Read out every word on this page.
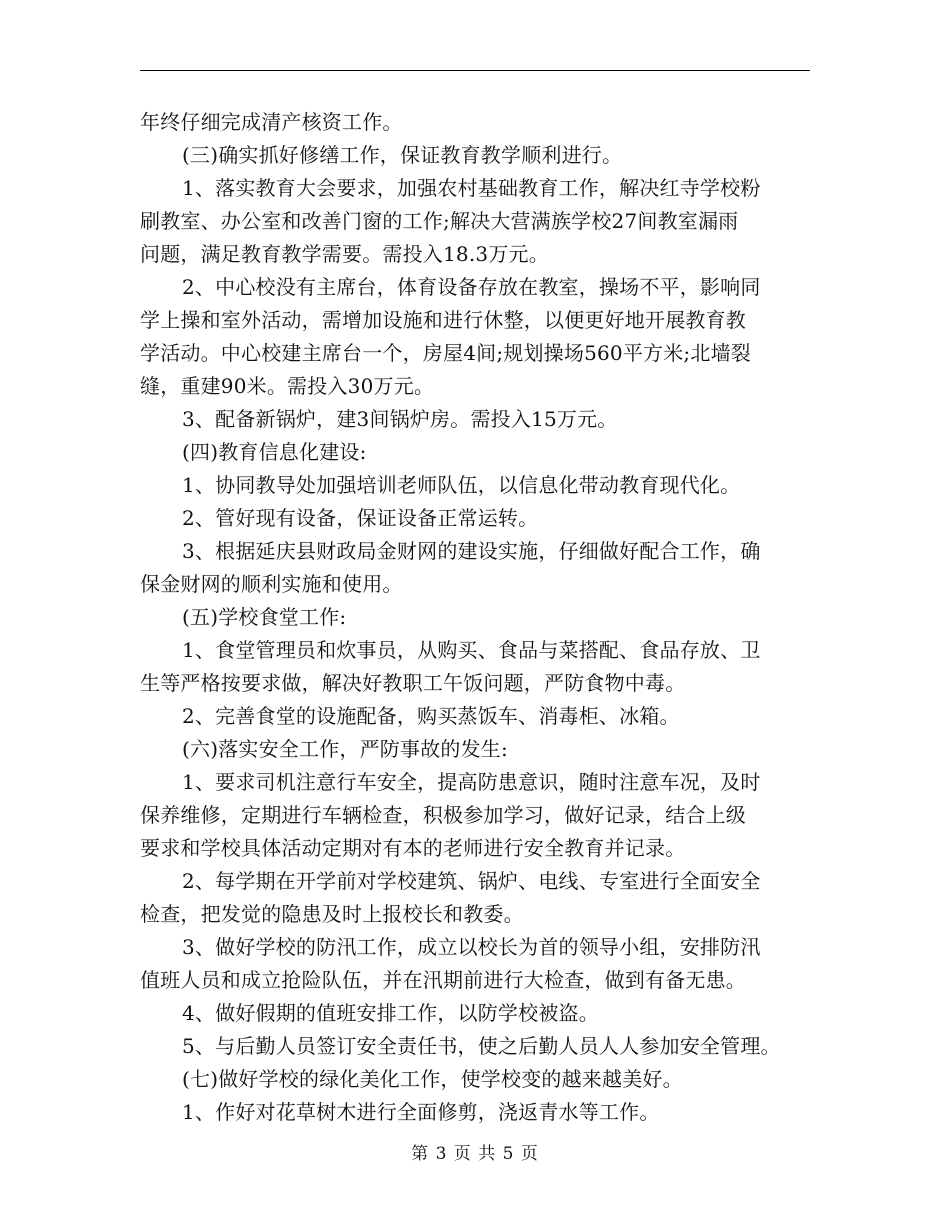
年终仔细完成清产核资工作。
(三)确实抓好修缮工作，保证教育教学顺利进行。
1、落实教育大会要求，加强农村基础教育工作，解决红寺学校粉
刷教室、办公室和改善门窗的工作;解决大营满族学校27间教室漏雨
问题，满足教育教学需要。需投入18.3万元。
2、中心校没有主席台，体育设备存放在教室，操场不平，影响同
学上操和室外活动，需增加设施和进行休整，以便更好地开展教育教
学活动。中心校建主席台一个，房屋4间;规划操场560平方米;北墙裂
缝，重建90米。需投入30万元。
3、配备新锅炉，建3间锅炉房。需投入15万元。
(四)教育信息化建设:
1、协同教导处加强培训老师队伍，以信息化带动教育现代化。
2、管好现有设备，保证设备正常运转。
3、根据延庆县财政局金财网的建设实施，仔细做好配合工作，确
保金财网的顺利实施和使用。
(五)学校食堂工作:
1、食堂管理员和炊事员，从购买、食品与菜搭配、食品存放、卫
生等严格按要求做，解决好教职工午饭问题，严防食物中毒。
2、完善食堂的设施配备，购买蒸饭车、消毒柜、冰箱。
(六)落实安全工作，严防事故的发生:
1、要求司机注意行车安全，提高防患意识，随时注意车况，及时
保养维修，定期进行车辆检查，积极参加学习，做好记录，结合上级
要求和学校具体活动定期对有本的老师进行安全教育并记录。
2、每学期在开学前对学校建筑、锅炉、电线、专室进行全面安全
检查，把发觉的隐患及时上报校长和教委。
3、做好学校的防汛工作，成立以校长为首的领导小组，安排防汛
值班人员和成立抢险队伍，并在汛期前进行大检查，做到有备无患。
4、做好假期的值班安排工作，以防学校被盗。
5、与后勤人员签订安全责任书，使之后勤人员人人参加安全管理。
(七)做好学校的绿化美化工作，使学校变的越来越美好。
1、作好对花草树木进行全面修剪，浇返青水等工作。
第 3 页 共 5 页
